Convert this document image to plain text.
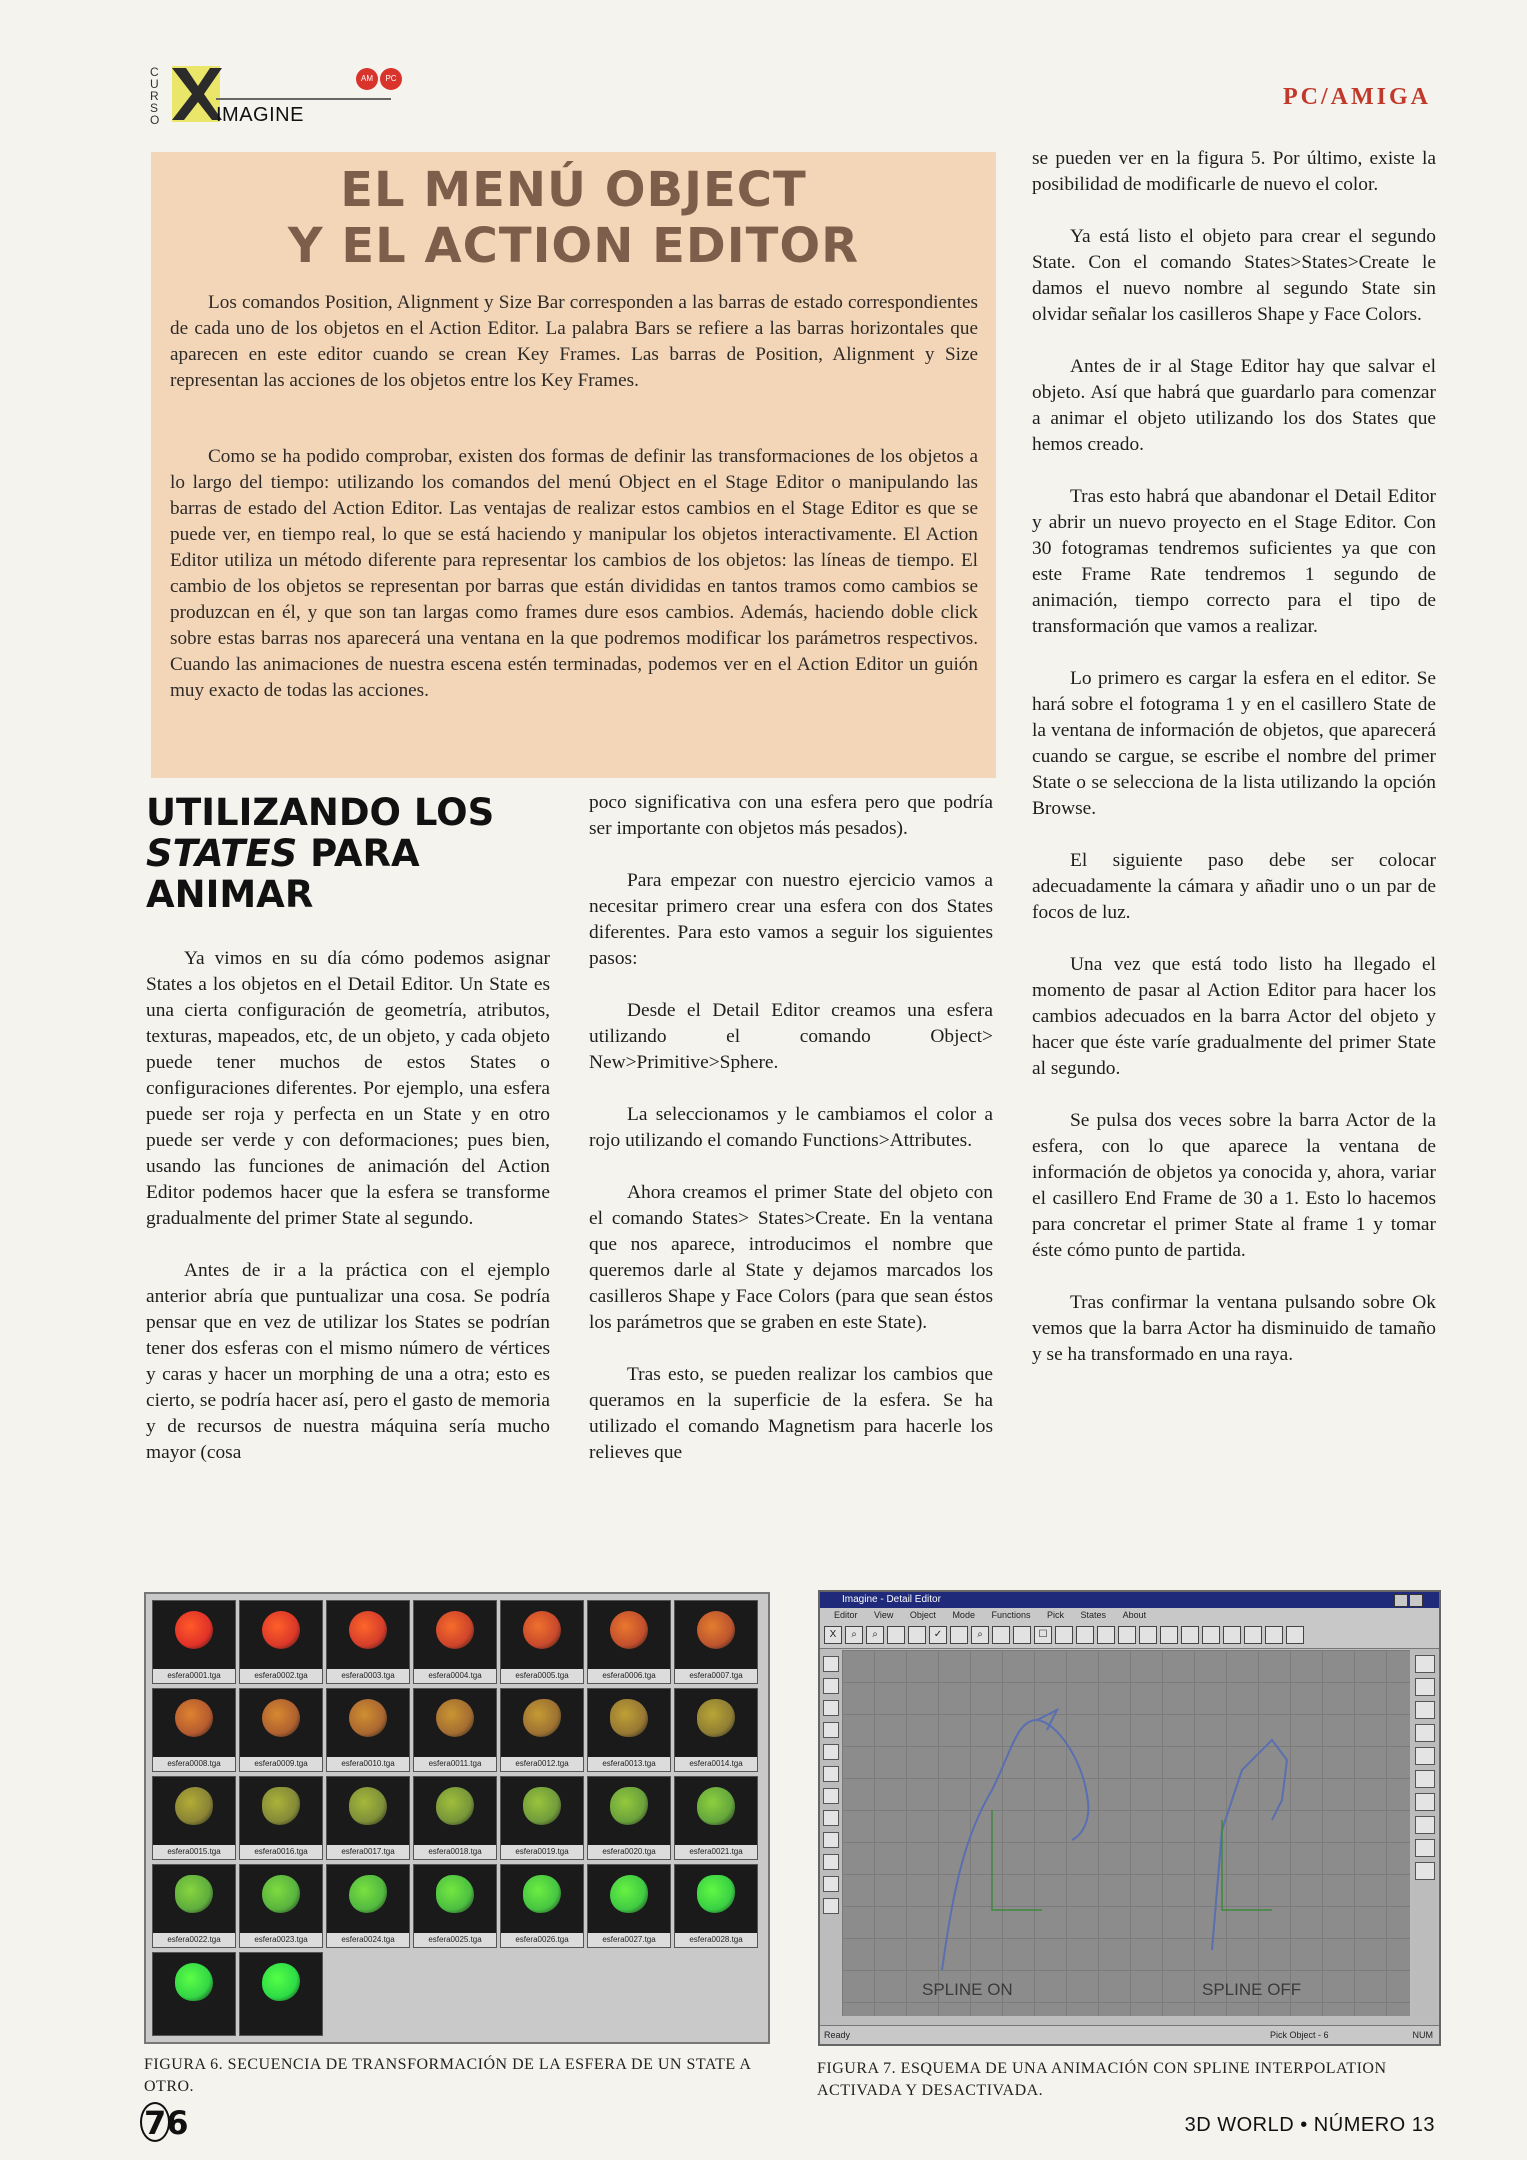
CURSO	IMAGINE
AM	PC
PC/AMIGA
EL MENÚ OBJECT
Y EL ACTION EDITOR
Los comandos Position, Alignment y Size Bar corresponden a las barras de estado correspondientes de cada uno de los objetos en el Action Editor. La palabra Bars se refiere a las barras horizontales que aparecen en este editor cuando se crean Key Frames. Las barras de Position, Alignment y Size representan las acciones de los objetos entre los Key Frames.
Como se ha podido comprobar, existen dos formas de definir las transformaciones de los objetos a lo largo del tiempo: utilizando los comandos del menú Object en el Stage Editor o manipulando las barras de estado del Action Editor. Las ventajas de realizar estos cambios en el Stage Editor es que se puede ver, en tiempo real, lo que se está haciendo y manipular los objetos interactivamente. El Action Editor utiliza un método diferente para representar los cambios de los objetos: las líneas de tiempo. El cambio de los objetos se representan por barras que están divididas en tantos tramos como cambios se produzcan en él, y que son tan largas como frames dure esos cambios. Además, haciendo doble click sobre estas barras nos aparecerá una ventana en la que podremos modificar los parámetros respectivos. Cuando las animaciones de nuestra escena estén terminadas, podemos ver en el Action Editor un guión muy exacto de todas las acciones.
UTILIZANDO LOS
STATES PARA
ANIMAR

Ya vimos en su día cómo podemos asignar States a los objetos en el Detail Editor. Un State es una cierta configuración de geometría, atributos, texturas, mapeados, etc, de un objeto, y cada objeto puede tener muchos de estos States o configuraciones diferentes. Por ejemplo, una esfera puede ser roja y perfecta en un State y en otro puede ser verde y con deformaciones; pues bien, usando las funciones de animación del Action Editor podemos hacer que la esfera se transforme gradualmente del primer State al segundo.

Antes de ir a la práctica con el ejemplo anterior abría que puntualizar una cosa. Se podría pensar que en vez de utilizar los States se podrían tener dos esferas con el mismo número de vértices y caras y hacer un morphing de una a otra; esto es cierto, se podría hacer así, pero el gasto de memoria y de recursos de nuestra máquina sería mucho mayor (cosa

poco significativa con una esfera pero que podría ser importante con objetos más pesados).

Para empezar con nuestro ejercicio vamos a necesitar primero crear una esfera con dos States diferentes. Para esto vamos a seguir los siguientes pasos:

Desde el Detail Editor creamos una esfera utilizando el comando Object> New>Primitive>Sphere.

La seleccionamos y le cambiamos el color a rojo utilizando el comando Functions>Attributes.

Ahora creamos el primer State del objeto con el comando States> States>Create. En la ventana que nos aparece, introducimos el nombre que queremos darle al State y dejamos marcados los casilleros Shape y Face Colors (para que sean éstos los parámetros que se graben en este State).

Tras esto, se pueden realizar los cambios que queramos en la superficie de la esfera. Se ha utilizado el comando Magnetism para hacerle los relieves que

se pueden ver en la figura 5. Por último, existe la posibilidad de modificarle de nuevo el color.

Ya está listo el objeto para crear el segundo State. Con el comando States>States>Create le damos el nuevo nombre al segundo State sin olvidar señalar los casilleros Shape y Face Colors.

Antes de ir al Stage Editor hay que salvar el objeto. Así que habrá que guardarlo para comenzar a animar el objeto utilizando los dos States que hemos creado.

Tras esto habrá que abandonar el Detail Editor y abrir un nuevo proyecto en el Stage Editor. Con 30 fotogramas tendremos suficientes ya que con este Frame Rate tendremos 1 segundo de animación, tiempo correcto para el tipo de transformación que vamos a realizar.

Lo primero es cargar la esfera en el editor. Se hará sobre el fotograma 1 y en el casillero State de la ventana de información de objetos, que aparecerá cuando se cargue, se escribe el nombre del primer State o se selecciona de la lista utilizando la opción Browse.

El siguiente paso debe ser colocar adecuadamente la cámara y añadir uno o un par de focos de luz.

Una vez que está todo listo ha llegado el momento de pasar al Action Editor para hacer los cambios adecuados en la barra Actor del objeto y hacer que éste varíe gradualmente del primer State al segundo.

Se pulsa dos veces sobre la barra Actor de la esfera, con lo que aparece la ventana de información de objetos ya conocida y, ahora, variar el casillero End Frame de 30 a 1. Esto lo hacemos para concretar el primer State al frame 1 y tomar éste cómo punto de partida.

Tras confirmar la ventana pulsando sobre Ok vemos que la barra Actor ha disminuido de tamaño y se ha transformado en una raya.

esfera0001.tga	esfera0002.tga	esfera0003.tga	esfera0004.tga	esfera0005.tga	esfera0006.tga	esfera0007.tga
esfera0008.tga	esfera0009.tga	esfera0010.tga	esfera0011.tga	esfera0012.tga	esfera0013.tga	esfera0014.tga
esfera0015.tga	esfera0016.tga	esfera0017.tga	esfera0018.tga	esfera0019.tga	esfera0020.tga	esfera0021.tga
esfera0022.tga	esfera0023.tga	esfera0024.tga	esfera0025.tga	esfera0026.tga	esfera0027.tga	esfera0028.tga
FIGURA 6. SECUENCIA DE TRANSFORMACIÓN DE LA ESFERA DE UN STATE A OTRO.
Imagine - Detail Editor
Editor View Object Mode Functions Pick States About
X	⌕	⌕	✓	⌕	☐
SPLINE ON	SPLINE OFF
Ready	Pick Object - 6	NUM
FIGURA 7. ESQUEMA DE UNA ANIMACIÓN CON SPLINE INTERPOLATION ACTIVADA Y DESACTIVADA.
76	3D WORLD • NÚMERO 13
